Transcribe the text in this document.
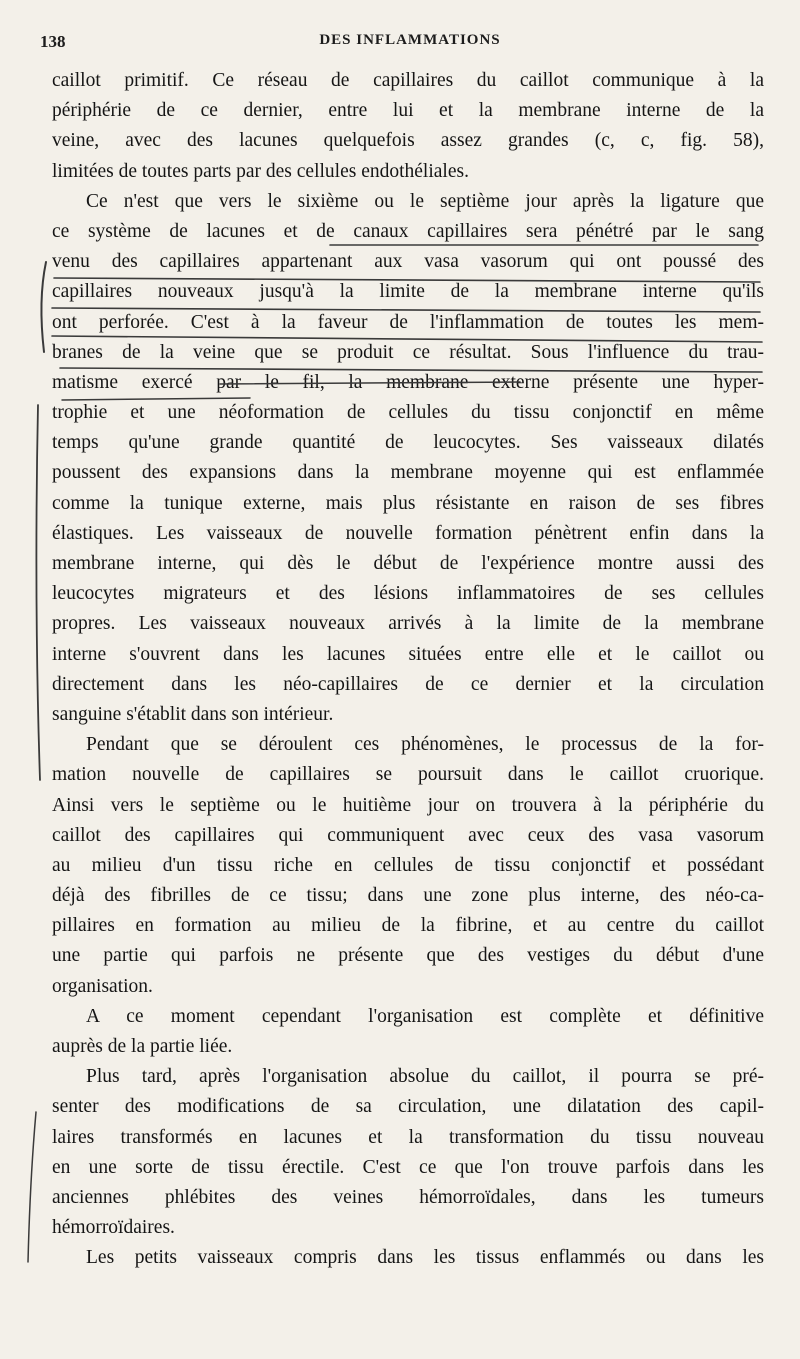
138	DES INFLAMMATIONS
caillot primitif. Ce réseau de capillaires du caillot communique à la
périphérie de ce dernier, entre lui et la membrane interne de la
veine, avec des lacunes quelquefois assez grandes (c, c, fig. 58),
limitées de toutes parts par des cellules endothéliales.
Ce n'est que vers le sixième ou le septième jour après la ligature que
ce système de lacunes et de canaux capillaires sera pénétré par le sang
venu des capillaires appartenant aux vasa vasorum qui ont poussé des
capillaires nouveaux jusqu'à la limite de la membrane interne qu'ils
ont perforée. C'est à la faveur de l'inflammation de toutes les mem-
branes de la veine que se produit ce résultat. Sous l'influence du trau-
matisme exercé par le fil, la membrane externe présente une hyper-
trophie et une néoformation de cellules du tissu conjonctif en même
temps qu'une grande quantité de leucocytes. Ses vaisseaux dilatés
poussent des expansions dans la membrane moyenne qui est enflammée
comme la tunique externe, mais plus résistante en raison de ses fibres
élastiques. Les vaisseaux de nouvelle formation pénètrent enfin dans la
membrane interne, qui dès le début de l'expérience montre aussi des
leucocytes migrateurs et des lésions inflammatoires de ses cellules
propres. Les vaisseaux nouveaux arrivés à la limite de la membrane
interne s'ouvrent dans les lacunes situées entre elle et le caillot ou
directement dans les néo-capillaires de ce dernier et la circulation
sanguine s'établit dans son intérieur.
Pendant que se déroulent ces phénomènes, le processus de la for-
mation nouvelle de capillaires se poursuit dans le caillot cruorique.
Ainsi vers le septième ou le huitième jour on trouvera à la périphérie du
caillot des capillaires qui communiquent avec ceux des vasa vasorum
au milieu d'un tissu riche en cellules de tissu conjonctif et possédant
déjà des fibrilles de ce tissu; dans une zone plus interne, des néo-ca-
pillaires en formation au milieu de la fibrine, et au centre du caillot
une partie qui parfois ne présente que des vestiges du début d'une
organisation.
A ce moment cependant l'organisation est complète et définitive
auprès de la partie liée.
Plus tard, après l'organisation absolue du caillot, il pourra se pré-
senter des modifications de sa circulation, une dilatation des capil-
laires transformés en lacunes et la transformation du tissu nouveau
en une sorte de tissu érectile. C'est ce que l'on trouve parfois dans les
anciennes phlébites des veines hémorroïdales, dans les tumeurs
hémorroïdaires.
Les petits vaisseaux compris dans les tissus enflammés ou dans les
